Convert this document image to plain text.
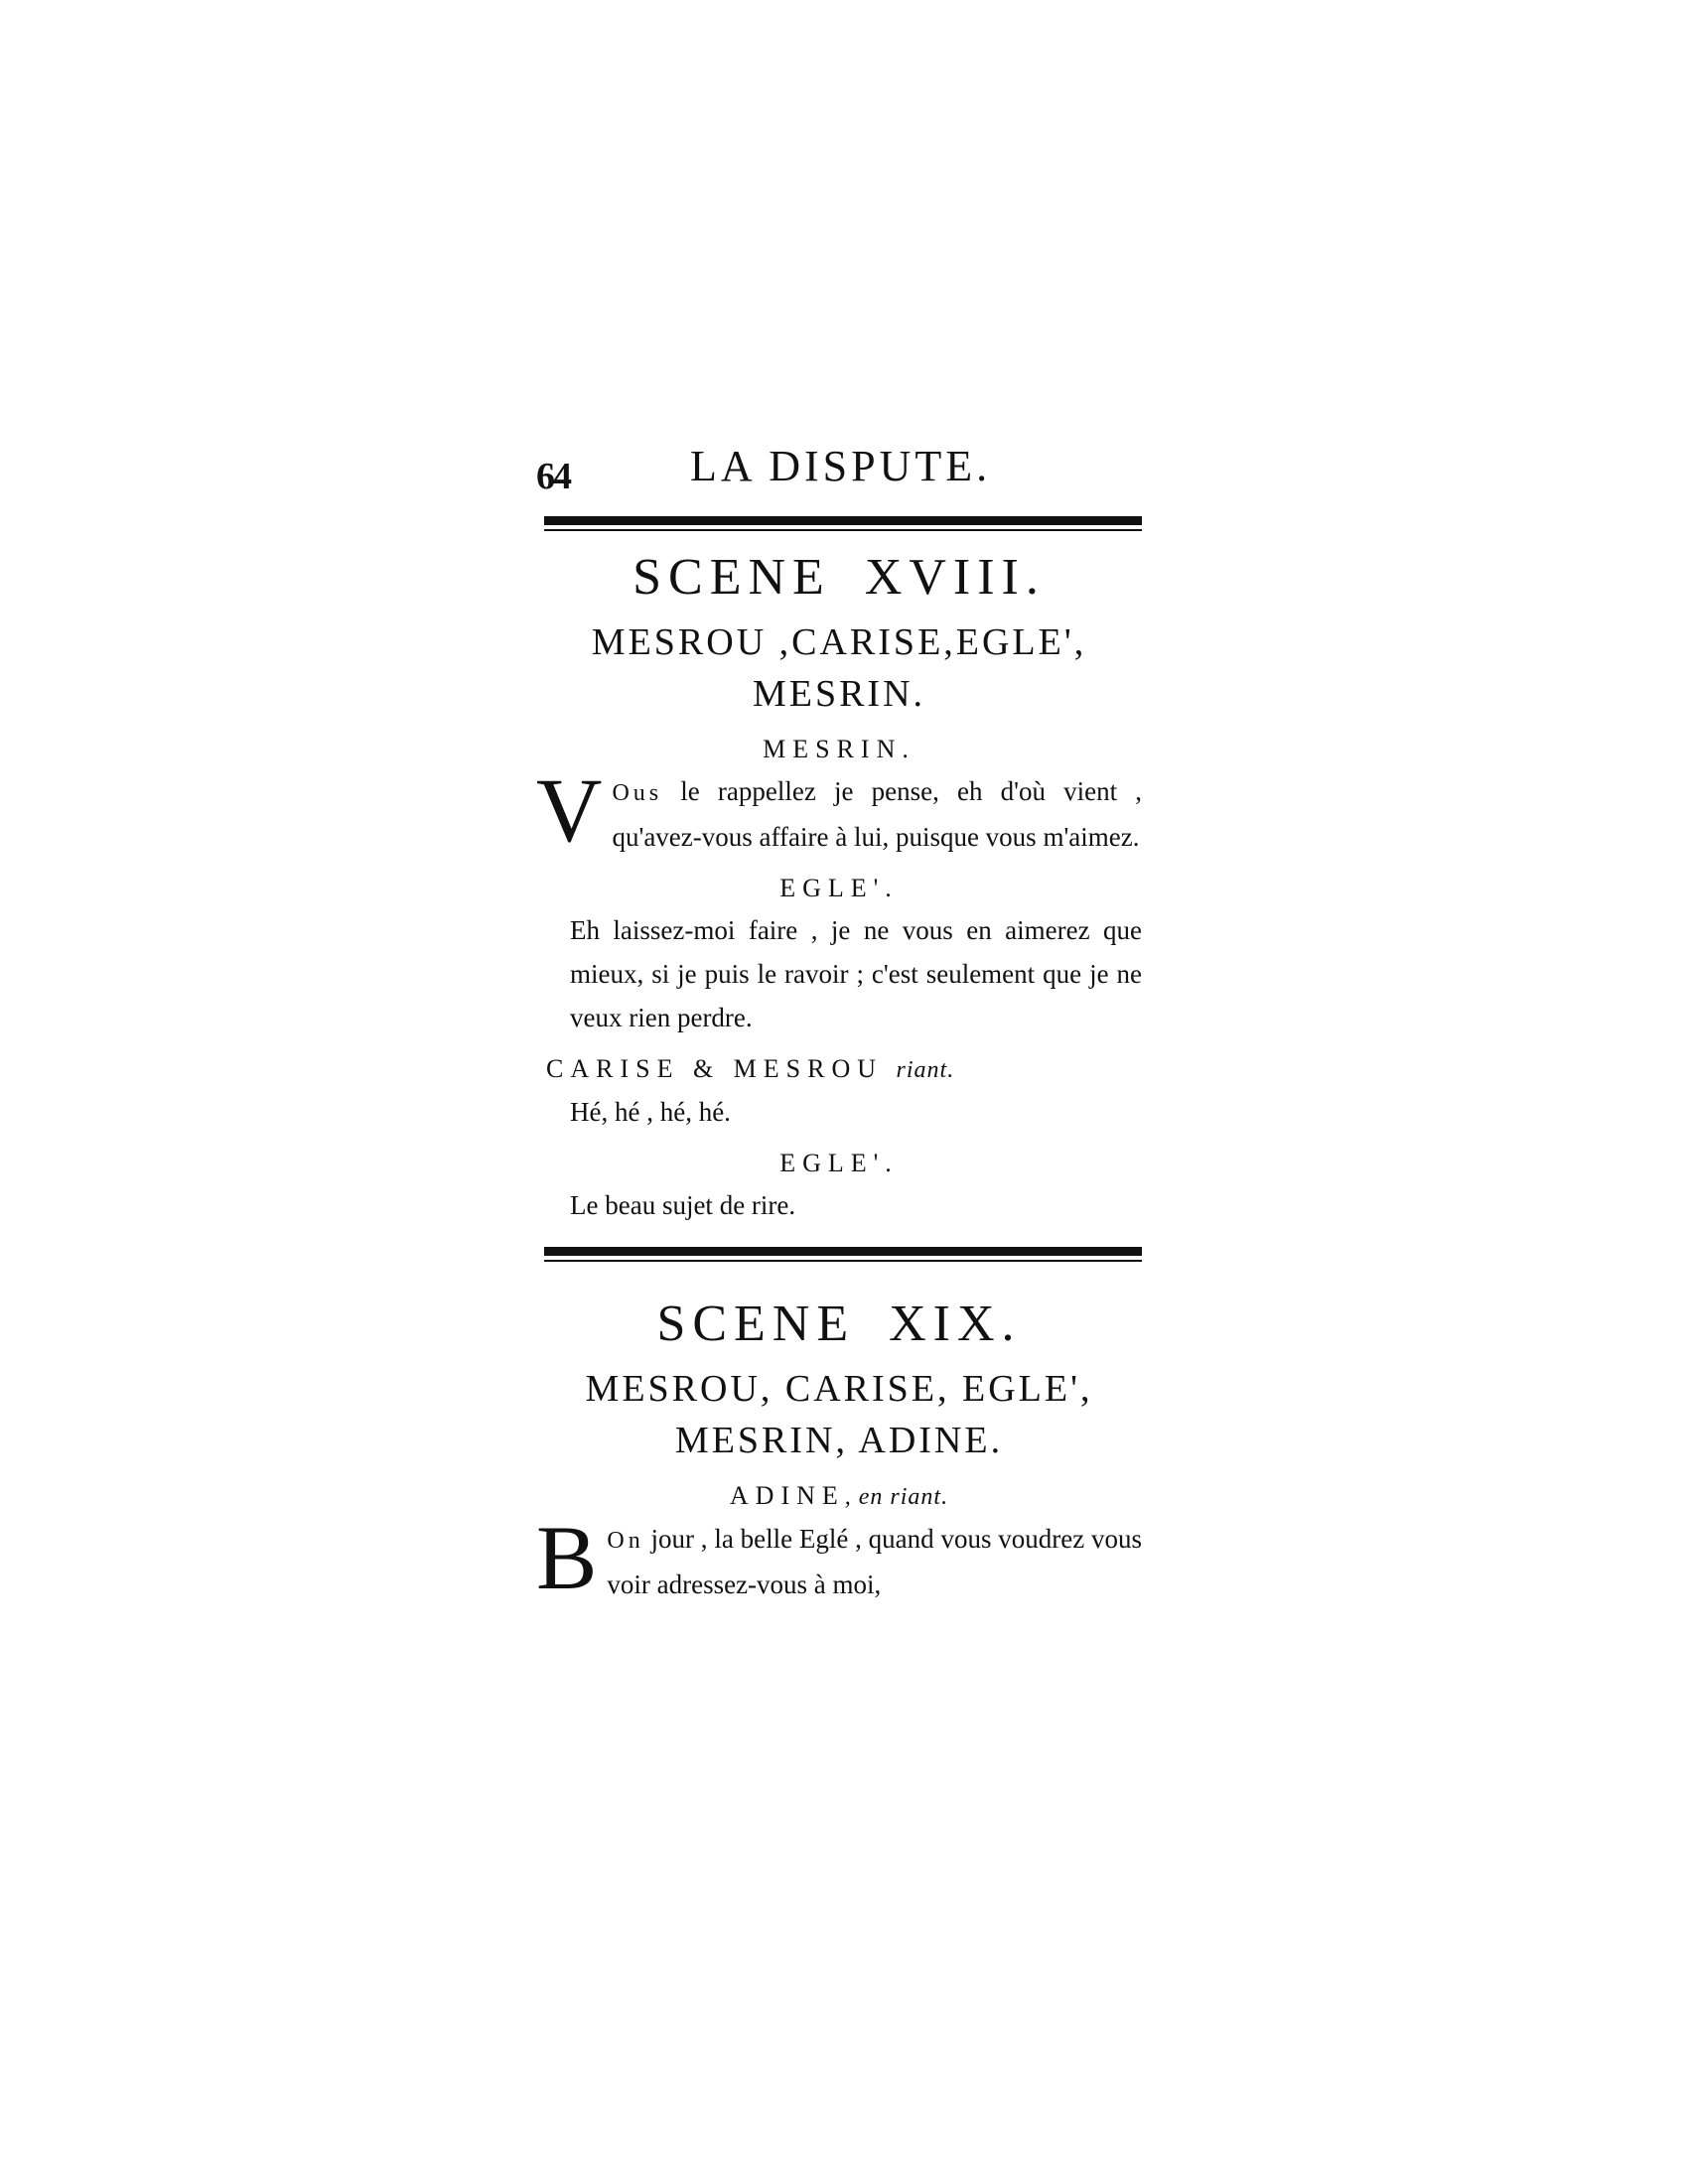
64	LA DISPUTE.
SCENE XVIII.
MESROU ,CARISE,EGLE',
MESRIN.
MESRIN.
V Ous le rappellez je pense, eh d'où vient , qu'avez-vous affaire à lui, puisque vous m'aimez.
EGLE'.
Eh laissez-moi faire , je ne vous en aimerez que mieux, si je puis le ravoir ; c'est seulement que je ne veux rien perdre.
CARISE & MESROU riant.
Hé, hé , hé, hé.
EGLE'.
Le beau sujet de rire.
SCENE XIX.
MESROU, CARISE, EGLE',
MESRIN, ADINE.
ADINE, en riant.
B On jour , la belle Eglé , quand vous voudrez vous voir adressez-vous à moi,
